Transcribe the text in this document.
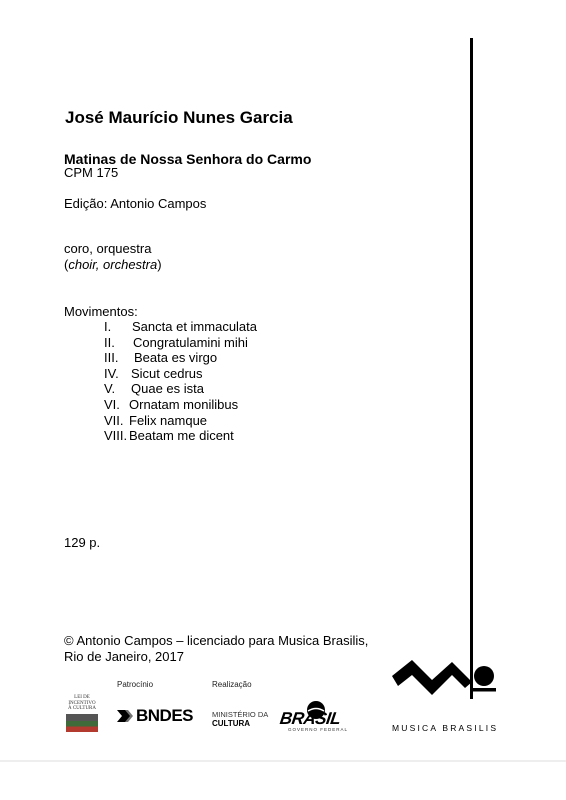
José Maurício Nunes Garcia
Matinas de Nossa Senhora do Carmo
CPM 175
Edição: Antonio Campos
coro, orquestra
(choir, orchestra)
Movimentos:
I. Sancta et immaculata
II. Congratulamini mihi
III. Beata es virgo
IV. Sicut cedrus
V. Quae es ista
VI. Ornatam monilibus
VII. Felix namque
VIII. Beatam me dicent
129 p.
© Antonio Campos – licenciado para Musica Brasilis,
Rio de Janeiro, 2017
Patrocínio	Realização
LEI DE
INCENTIVO
À CULTURA BNDES	MINISTÉRIO DA
CULTURA	BRASIL
GOVERNO FEDERAL	MUSICA BRASILIS
